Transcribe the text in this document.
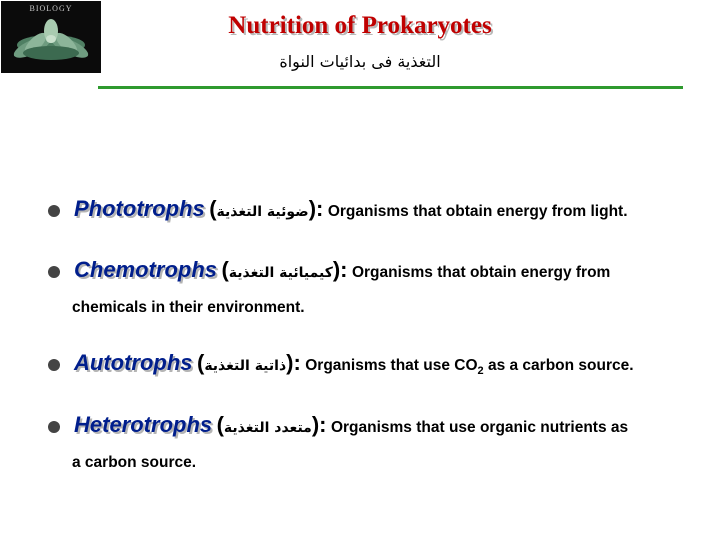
BIOLOGY
Nutrition of Prokaryotes
التغذية فى بدائيات النواة
Phototrophs (ضوئية التغذية): Organisms that obtain energy from light.
Chemotrophs (كيميائية التغذية): Organisms that obtain energy from
chemicals in their environment.
Autotrophs (ذاتية التغذية): Organisms that use $CO_2$ as a carbon source.
Heterotrophs (متعدد التغذية): Organisms that use organic nutrients as
a carbon source.
